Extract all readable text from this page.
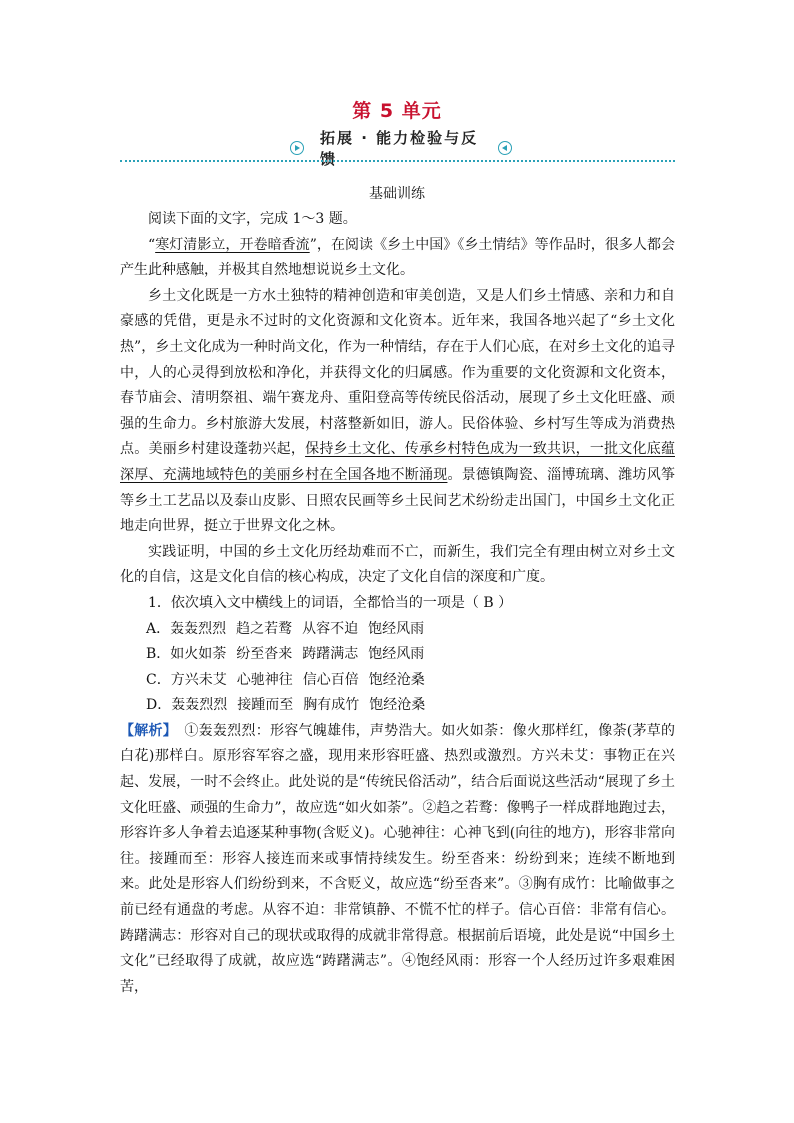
第 5 单元
拓展 · 能力检验与反馈
基础训练

阅读下面的文字，完成 1～3 题。

“寒灯清影立，开卷暗香流”，在阅读《乡土中国》《乡土情结》等作品时，很多人都会产生此种感触，并极其自然地想说说乡土文化。

乡土文化既是一方水土独特的精神创造和审美创造，又是人们乡土情感、亲和力和自豪感的凭借，更是永不过时的文化资源和文化资本。近年来，我国各地兴起了“乡土文化热”，乡土文化成为一种时尚文化，作为一种情结，存在于人们心底，在对乡土文化的追寻中，人的心灵得到放松和净化，并获得文化的归属感。作为重要的文化资源和文化资本，春节庙会、清明祭祖、端午赛龙舟、重阳登高等传统民俗活动，展现了乡土文化旺盛、顽强的生命力。乡村旅游大发展，村落整新如旧，游人。民俗体验、乡村写生等成为消费热点。美丽乡村建设蓬勃兴起，保持乡土文化、传承乡村特色成为一致共识，一批文化底蕴深厚、充满地域特色的美丽乡村在全国各地不断涌现。景德镇陶瓷、淄博琉璃、潍坊风筝等乡土工艺品以及泰山皮影、日照农民画等乡土民间艺术纷纷走出国门，中国乡土文化正地走向世界，挺立于世界文化之林。

实践证明，中国的乡土文化历经劫难而不亡，而新生，我们完全有理由树立对乡土文化的自信，这是文化自信的核心构成，决定了文化自信的深度和广度。

1．依次填入文中横线上的词语，全都恰当的一项是（ B ）

A．轰轰烈烈 趋之若鹜 从容不迫 饱经风雨

B．如火如荼 纷至沓来 踌躇满志 饱经风雨

C．方兴未艾 心驰神往 信心百倍 饱经沧桑

D．轰轰烈烈 接踵而至 胸有成竹 饱经沧桑

【解析】　①轰轰烈烈：形容气魄雄伟，声势浩大。如火如荼：像火那样红，像荼(茅草的白花)那样白。原形容军容之盛，现用来形容旺盛、热烈或激烈。方兴未艾：事物正在兴起、发展，一时不会终止。此处说的是“传统民俗活动”，结合后面说这些活动“展现了乡土文化旺盛、顽强的生命力”，故应选“如火如荼”。②趋之若鹜：像鸭子一样成群地跑过去，形容许多人争着去追逐某种事物(含贬义)。心驰神往：心神飞到(向往的地方)，形容非常向往。接踵而至：形容人接连而来或事情持续发生。纷至沓来：纷纷到来；连续不断地到来。此处是形容人们纷纷到来，不含贬义，故应选“纷至沓来”。③胸有成竹：比喻做事之前已经有通盘的考虑。从容不迫：非常镇静、不慌不忙的样子。信心百倍：非常有信心。踌躇满志：形容对自己的现状或取得的成就非常得意。根据前后语境，此处是说“中国乡土文化”已经取得了成就，故应选“踌躇满志”。④饱经风雨：形容一个人经历过许多艰难困苦，
